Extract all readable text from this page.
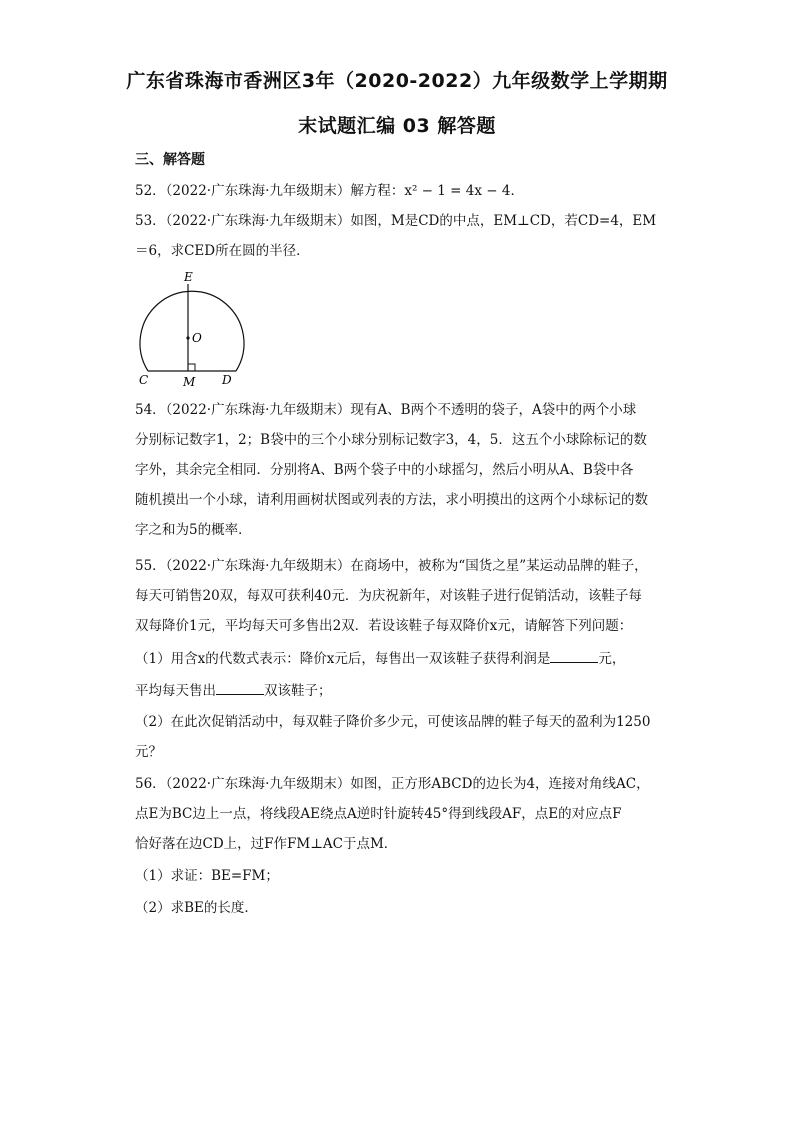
广东省珠海市香洲区3年（2020-2022）九年级数学上学期期
末试题汇编 03 解答题
三、解答题
52．（2022·广东珠海·九年级期末）解方程：x² − 1 = 4x − 4．
53．（2022·广东珠海·九年级期末）如图，M是CD的中点，EM⊥CD，若CD=4，EM
＝6，求CED所在圆的半径．
E
O
C	M D
54．（2022·广东珠海·九年级期末）现有A、B两个不透明的袋子，A袋中的两个小球
分别标记数字1，2；B袋中的三个小球分别标记数字3，4，5．这五个小球除标记的数
字外，其余完全相同．分别将A、B两个袋子中的小球摇匀，然后小明从A、B袋中各
随机摸出一个小球，请利用画树状图或列表的方法，求小明摸出的这两个小球标记的数
字之和为5的概率．
55．（2022·广东珠海·九年级期末）在商场中，被称为“国货之星”某运动品牌的鞋子，
每天可销售20双，每双可获利40元．为庆祝新年，对该鞋子进行促销活动，该鞋子每
双每降价1元，平均每天可多售出2双．若设该鞋子每双降价x元，请解答下列问题：
（1）用含x的代数式表示：降价x元后，每售出一双该鞋子获得利润是	元，
平均每天售出	双该鞋子；
（2）在此次促销活动中，每双鞋子降价多少元，可使该品牌的鞋子每天的盈利为1250
元？
56．（2022·广东珠海·九年级期末）如图，正方形ABCD的边长为4，连接对角线AC，
点E为BC边上一点，将线段AE绕点A逆时针旋转45°得到线段AF，点E的对应点F
恰好落在边CD上，过F作FM⊥AC于点M．
（1）求证：BE=FM；
（2）求BE的长度．
